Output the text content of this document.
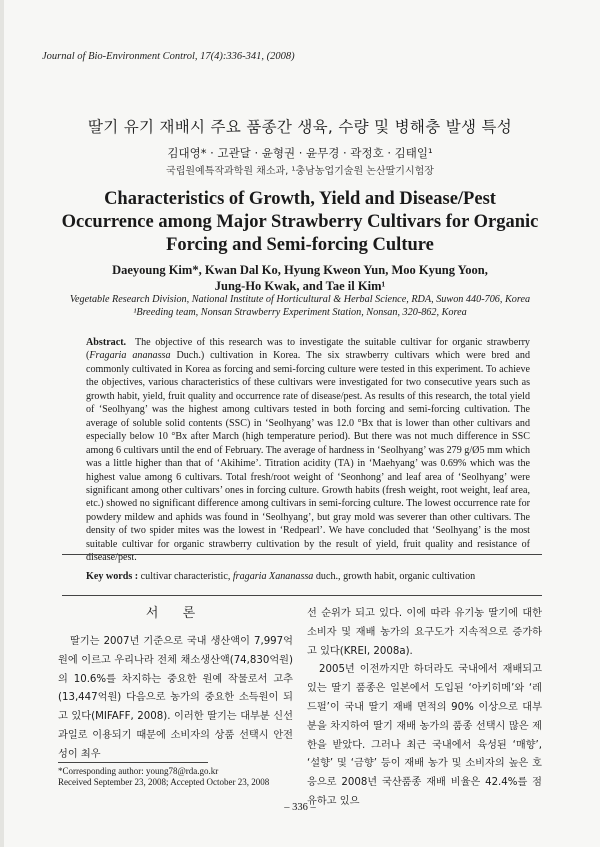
Journal of Bio-Environment Control, 17(4):336-341, (2008)
딸기 유기 재배시 주요 품종간 생육, 수량 및 병해충 발생 특성
김대영* · 고관달 · 윤형권 · 윤무경 · 곽정호 · 김태일¹
국립원예특작과학원 채소과, ¹충남농업기술원 논산딸기시험장
Characteristics of Growth, Yield and Disease/Pest Occurrence among Major Strawberry Cultivars for Organic Forcing and Semi-forcing Culture
Daeyoung Kim*, Kwan Dal Ko, Hyung Kweon Yun, Moo Kyung Yoon,
Jung-Ho Kwak, and Tae il Kim¹
Vegetable Research Division, National Institute of Horticultural & Herbal Science, RDA, Suwon 440-706, Korea
¹Breeding team, Nonsan Strawberry Experiment Station, Nonsan, 320-862, Korea
Abstract. The objective of this research was to investigate the suitable cultivar for organic strawberry (Fragaria ananassa Duch.) cultivation in Korea. The six strawberry cultivars which were bred and commonly cultivated in Korea as forcing and semi-forcing culture were tested in this experiment. To achieve the objectives, various characteristics of these cultivars were investigated for two consecutive years such as growth habit, yield, fruit quality and occurrence rate of disease/pest. As results of this research, the total yield of ‘Seolhyang’ was the highest among cultivars tested in both forcing and semi-forcing cultivation. The average of soluble solid contents (SSC) in ‘Seolhyang’ was 12.0 °Bx that is lower than other cultivars and especially below 10 °Bx after March (high temperature period). But there was not much difference in SSC among 6 cultivars until the end of February. The average of hardness in ‘Seolhyang’ was 279 g/Ø5 mm which was a little higher than that of ‘Akihime’. Titration acidity (TA) in ‘Maehyang’ was 0.69% which was the highest value among 6 cultivars. Total fresh/root weight of ‘Seonhong’ and leaf area of ‘Seolhyang’ were significant among other cultivars’ ones in forcing culture. Growth habits (fresh weight, root weight, leaf area, etc.) showed no significant difference among cultivars in semi-forcing culture. The lowest occurrence rate for powdery mildew and aphids was found in ‘Seolhyang’, but gray mold was severer than other cultivars. The density of two spider mites was the lowest in ‘Redpearl’. We have concluded that ‘Seolhyang’ is the most suitable cultivar for organic strawberry cultivation by the result of yield, fruit quality and resistance of disease/pest.
Key words : cultivar characteristic, fragaria Xananassa duch., growth habit, organic cultivation
서 론

딸기는 2007년 기준으로 국내 생산액이 7,997억원에 이르고 우리나라 전체 채소생산액(74,830억원)의 10.6%를 차지하는 중요한 원예 작물로서 고추(13,447억원) 다음으로 농가의 중요한 소득원이 되고 있다(MIFAFF, 2008). 이러한 딸기는 대부분 신선과일로 이용되기 때문에 소비자의 상품 선택시 안전성이 최우

선 순위가 되고 있다. 이에 따라 유기농 딸기에 대한 소비자 및 재배 농가의 요구도가 지속적으로 증가하고 있다(KREI, 2008a).

2005년 이전까지만 하더라도 국내에서 재배되고 있는 딸기 품종은 일본에서 도입된 ‘아키히메’와 ‘레드펄’이 국내 딸기 재배 면적의 90% 이상으로 대부분을 차지하여 딸기 재배 농가의 품종 선택시 많은 제한을 받았다. 그러나 최근 국내에서 육성된 ‘매향’, ‘설향’ 및 ‘금향’ 등이 재배 농가 및 소비자의 높은 호응으로 2008년 국산품종 재배 비율은 42.4%를 점유하고 있으

*Corresponding author: young78@rda.go.kr
Received September 23, 2008; Accepted October 23, 2008
– 336 –
